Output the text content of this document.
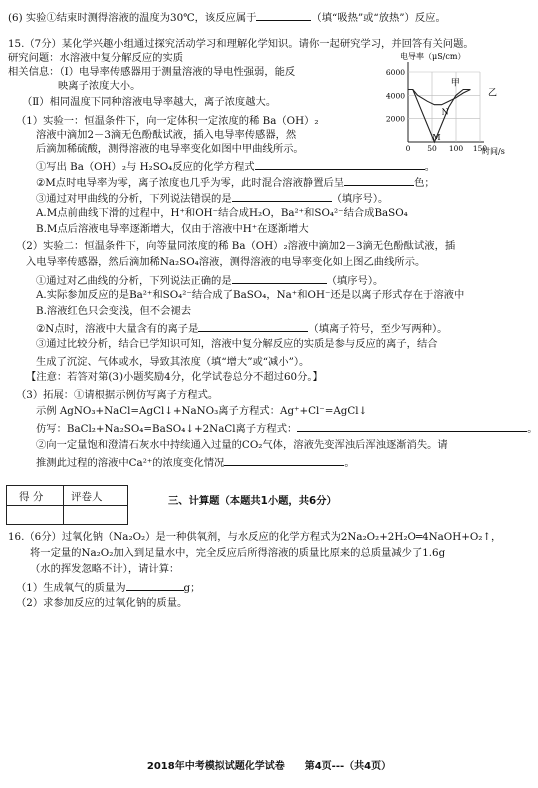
(6) 实验①结束时测得溶液的温度为30℃，该反应属于	（填“吸热”或“放热”）反应。
15.（7分）某化学兴趣小组通过探究活动学习和理解化学知识。请你一起研究学习，并回答有关问题。
研究问题：水溶液中复分解反应的实质
相关信息：（Ⅰ）电导率传感器用于测量溶液的导电性强弱，能反
映离子浓度大小。
（Ⅱ）相同温度下同种溶液电导率越大，离子浓度越大。
（1）实验一：恒温条件下，向一定体积一定浓度的稀 Ba（OH）₂
溶液中滴加2－3滴无色酚酞试液，插入电导率传感器，然
后滴加稀硫酸，测得溶液的电导率变化如图中甲曲线所示。
①写出 Ba（OH）₂与 H₂SO₄反应的化学方程式	。
②M点时电导率为零，离子浓度也几乎为零，此时混合溶液静置后呈	色；
③通过对甲曲线的分析，下列说法错误的是	（填序号）。
A.M点前曲线下滑的过程中，H⁺和OH⁻结合成H₂O，Ba²⁺和SO₄²⁻结合成BaSO₄
B.M点后溶液电导率逐渐增大，仅由于溶液中H⁺在逐渐增大
（2）实验二：恒温条件下，向等量同浓度的稀 Ba（OH）₂溶液中滴加2－3滴无色酚酞试液，插
入电导率传感器，然后滴加稀Na₂SO₄溶液，测得溶液的电导率变化如上图乙曲线所示。
①通过对乙曲线的分析，下列说法正确的是	（填序号）。
A.实际参加反应的是Ba²⁺和SO₄²⁻结合成了BaSO₄，Na⁺和OH⁻还是以离子形式存在于溶液中
B.溶液红色只会变浅，但不会褪去
②N点时，溶液中大量含有的离子是	（填离子符号，至少写两种）。
③通过比较分析，结合已学知识可知，溶液中复分解反应的实质是参与反应的离子，结合
生成了沉淀、气体或水，导致其浓度（填“增大”或“减小”）。
【注意：若答对第(3)小题奖励4分，化学试卷总分不超过60分。】
（3）拓展：①请根据示例仿写离子方程式。
示例 AgNO₃+NaCl=AgCl↓+NaNO₃离子方程式：Ag⁺+Cl⁻=AgCl↓
仿写：BaCl₂+Na₂SO₄=BaSO₄↓+2NaCl离子方程式：	。
②向一定量饱和澄清石灰水中持续通入过量的CO₂气体，溶液先变浑浊后浑浊逐渐消失。请
推测此过程的溶液中Ca²⁺的浓度变化情况	。
三、计算题（本题共1小题，共6分）
16.（6分）过氧化钠（Na₂O₂）是一种供氧剂，与水反应的化学方程式为2Na₂O₂+2H₂O═4NaOH+O₂↑，
将一定量的Na₂O₂加入到足量水中，完全反应后所得溶液的质量比原来的总质量减少了1.6g
（水的挥发忽略不计），请计算：
（1）生成氧气的质量为	g；
（2）求参加反应的过氧化钠的质量。
得 分	评卷人
电导率（μS/cm）
2000
4000
6000
0 50 100 150
甲
乙
M
N
时间/s
2018年中考模拟试题化学试卷　　第4页---（共4页）
